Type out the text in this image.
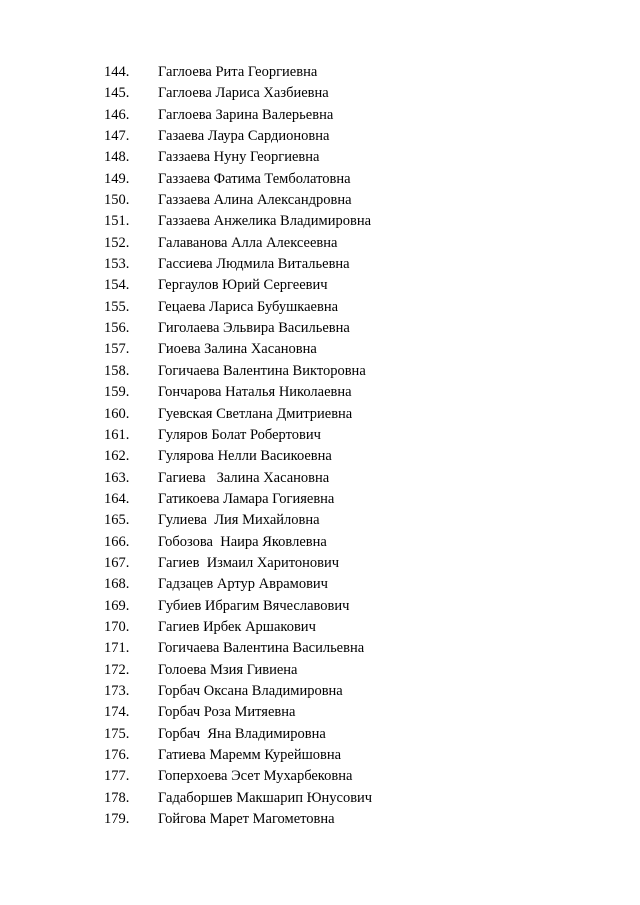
144. Гаглоева Рита Георгиевна
145. Гаглоева Лариса Хазбиевна
146. Гаглоева Зарина Валерьевна
147. Газаева Лаура Сардионовна
148. Газзаева Нуну Георгиевна
149. Газзаева Фатима Темболатовна
150. Газзаева Алина Александровна
151. Газзаева Анжелика Владимировна
152. Галаванова Алла Алексеевна
153. Гассиева Людмила Витальевна
154. Гергаулов Юрий Сергеевич
155. Гецаева Лариса Бубушкаевна
156. Гиголаева Эльвира Васильевна
157. Гиоева Залина Хасановна
158. Гогичаева Валентина Викторовна
159. Гончарова Наталья Николаевна
160. Гуевская Светлана Дмитриевна
161. Гуляров Болат Робертович
162. Гулярова Нелли Васикоевна
163. Гагиева   Залина Хасановна
164. Гатикоева Ламара Гогияевна
165. Гулиева  Лия Михайловна
166. Гобозова  Наира Яковлевна
167. Гагиев  Измаил Харитонович
168. Гадзацев Артур Аврамович
169. Губиев Ибрагим Вячеславович
170. Гагиев Ирбек Аршакович
171. Гогичаева Валентина Васильевна
172. Голоева Мзия Гивиена
173. Горбач Оксана Владимировна
174. Горбач Роза Митяевна
175. Горбач  Яна Владимировна
176. Гатиева Маремм Курейшовна
177. Гоперхоева Эсет Мухарбековна
178. Гадаборшев Макшарип Юнусович
179. Гойгова Марет Магометовна
